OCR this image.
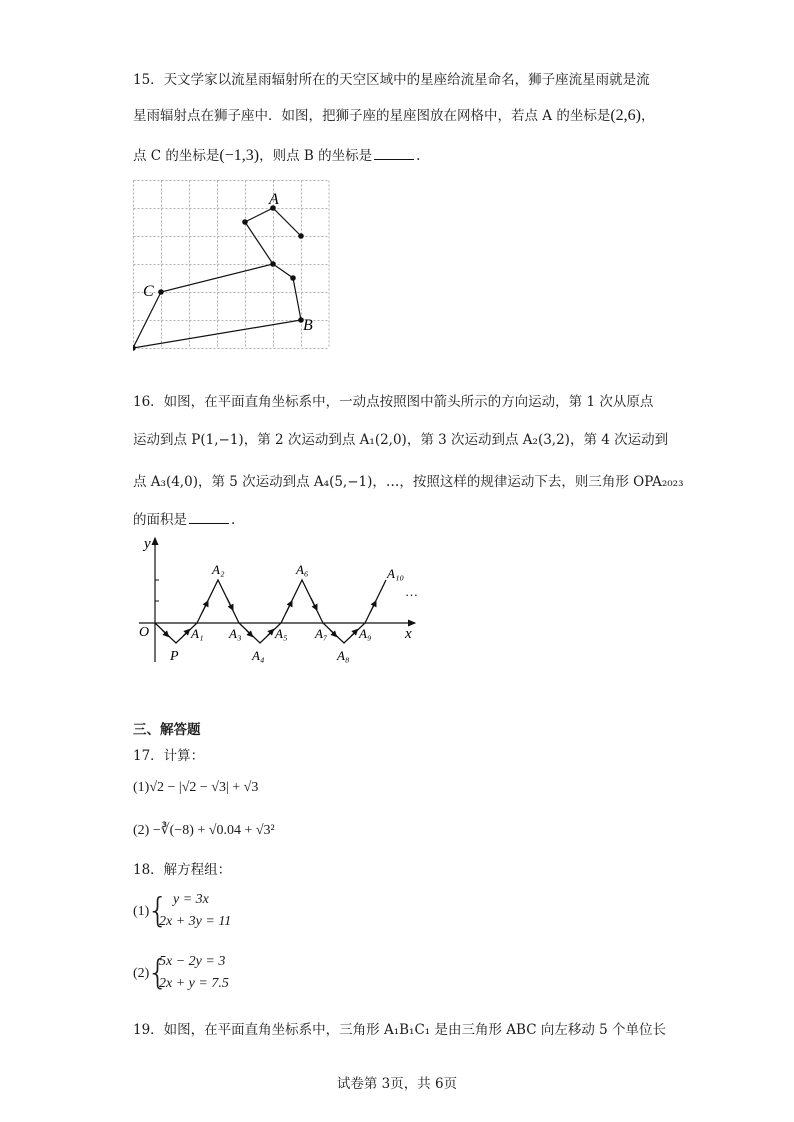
15．天文学家以流星雨辐射所在的天空区域中的星座给流星命名，狮子座流星雨就是流
星雨辐射点在狮子座中．如图，把狮子座的星座图放在网格中，若点 A 的坐标是(2,6)，
点 C 的坐标是(−1,3)，则点 B 的坐标是	.
A
B
C
16．如图，在平面直角坐标系中，一动点按照图中箭头所示的方向运动，第 1 次从原点
运动到点 P(1,−1)，第 2 次运动到点 A₁(2,0)，第 3 次运动到点 A₂(3,2)，第 4 次运动到
点 A₃(4,0)，第 5 次运动到点 A₄(5,−1)，…，按照这样的规律运动下去，则三角形 OPA₂₀₂₃
的面积是	.
y
x
O
P
A₁
A₂
A₃
A₄
A₅
A₆
A₇
A₈
A₉
A₁₀
…
三、解答题
17．计算：
(1)√2 − |√2 − √3| + √3
(2) −∛(−8) + √0.04 + √3²
18．解方程组：
(1)
{ y = 3x
2x + 3y = 11
(2)
{
5x − 2y = 3
2x + y = 7.5
19．如图，在平面直角坐标系中，三角形 A₁B₁C₁ 是由三角形 ABC 向左移动 5 个单位长
试卷第 3页，共 6页
